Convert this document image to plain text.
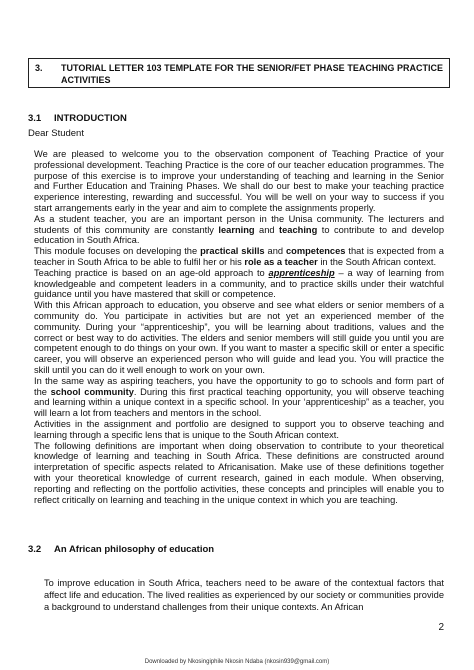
3.	TUTORIAL LETTER 103 TEMPLATE FOR THE SENIOR/FET PHASE TEACHING PRACTICE ACTIVITIES
3.1 INTRODUCTION
Dear Student

We are pleased to welcome you to the observation component of Teaching Practice of your professional development. Teaching Practice is the core of our teacher education programmes. The purpose of this exercise is to improve your understanding of teaching and learning in the Senior and Further Education and Training Phases. We shall do our best to make your teaching practice experience interesting, rewarding and successful. You will be well on your way to success if you start arrangements early in the year and aim to complete the assignments properly.

As a student teacher, you are an important person in the Unisa community. The lecturers and students of this community are constantly learning and teaching to contribute to and develop education in South Africa.

This module focuses on developing the practical skills and competences that is expected from a teacher in South Africa to be able to fulfil her or his role as a teacher in the South African context.

Teaching practice is based on an age-old approach to apprenticeship – a way of learning from knowledgeable and competent leaders in a community, and to practice skills under their watchful guidance until you have mastered that skill or competence.

With this African approach to education, you observe and see what elders or senior members of a community do. You participate in activities but are not yet an experienced member of the community. During your “apprenticeship”, you will be learning about traditions, values and the correct or best way to do activities. The elders and senior members will still guide you until you are competent enough to do things on your own. If you want to master a specific skill or enter a specific career, you will observe an experienced person who will guide and lead you. You will practice the skill until you can do it well enough to work on your own.

In the same way as aspiring teachers, you have the opportunity to go to schools and form part of the school community. During this first practical teaching opportunity, you will observe teaching and learning within a unique context in a specific school. In your ‘apprenticeship” as a teacher, you will learn a lot from teachers and mentors in the school.

Activities in the assignment and portfolio are designed to support you to observe teaching and learning through a specific lens that is unique to the South African context.

The following definitions are important when doing observation to contribute to your theoretical knowledge of learning and teaching in South Africa. These definitions are constructed around interpretation of specific aspects related to Africanisation. Make use of these definitions together with your theoretical knowledge of current research, gained in each module. When observing, reporting and reflecting on the portfolio activities, these concepts and principles will enable you to reflect critically on learning and teaching in the unique context in which you are teaching.

3.2 An African philosophy of education
To improve education in South Africa, teachers need to be aware of the contextual factors that affect life and education. The lived realities as experienced by our society or communities provide a background to understand challenges from their unique contexts. An African
2
Downloaded by Nkosingiphile Nkosin Ndaba (nkosin939@gmail.com)
